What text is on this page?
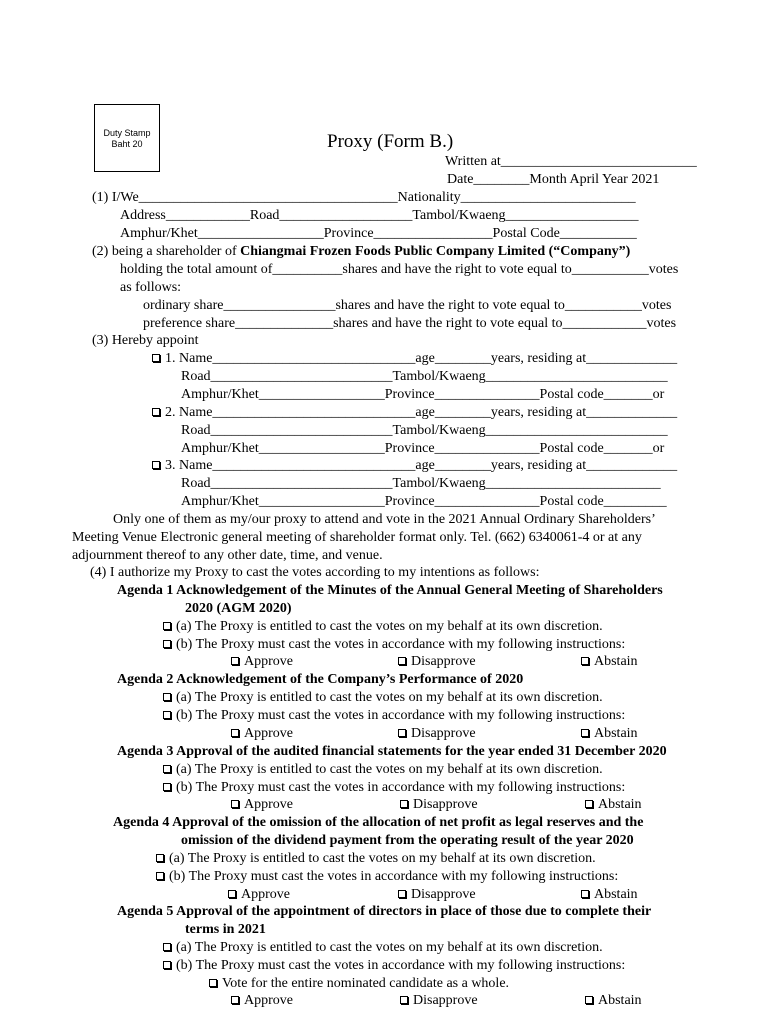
Duty Stamp
Baht 20	Proxy (Form B.)
Written at____________________________
Date________Month April Year 2021
(1) I/We_____________________________________Nationality_________________________
Address____________Road___________________Tambol/Kwaeng___________________
Amphur/Khet__________________Province_________________Postal Code___________
(2) being a shareholder of Chiangmai Frozen Foods Public Company Limited (“Company”)
holding the total amount of__________shares and have the right to vote equal to___________votes
as follows:
ordinary share________________shares and have the right to vote equal to___________votes
preference share______________shares and have the right to vote equal to____________votes
(3) Hereby appoint
1. Name_____________________________age________years, residing at_____________
Road__________________________Tambol/Kwaeng__________________________
Amphur/Khet__________________Province_______________Postal code_______or
2. Name_____________________________age________years, residing at_____________
Road__________________________Tambol/Kwaeng__________________________
Amphur/Khet__________________Province_______________Postal code_______or
3. Name_____________________________age________years, residing at_____________
Road__________________________Tambol/Kwaeng_________________________
Amphur/Khet__________________Province_______________Postal code_________
Only one of them as my/our proxy to attend and vote in the 2021 Annual Ordinary Shareholders’
Meeting Venue Electronic general meeting of shareholder format only. Tel. (662) 6340061-4 or at any
adjournment thereof to any other date, time, and venue.
(4) I authorize my Proxy to cast the votes according to my intentions as follows:
Agenda 1 Acknowledgement of the Minutes of the Annual General Meeting of Shareholders
2020 (AGM 2020)
(a) The Proxy is entitled to cast the votes on my behalf at its own discretion.
(b) The Proxy must cast the votes in accordance with my following instructions:
Approve	Disapprove	Abstain
Agenda 2 Acknowledgement of the Company’s Performance of 2020
(a) The Proxy is entitled to cast the votes on my behalf at its own discretion.
(b) The Proxy must cast the votes in accordance with my following instructions:
Approve	Disapprove	Abstain
Agenda 3 Approval of the audited financial statements for the year ended 31 December 2020
(a) The Proxy is entitled to cast the votes on my behalf at its own discretion.
(b) The Proxy must cast the votes in accordance with my following instructions:
Approve	Disapprove	Abstain
Agenda 4 Approval of the omission of the allocation of net profit as legal reserves and the
omission of the dividend payment from the operating result of the year 2020
(a) The Proxy is entitled to cast the votes on my behalf at its own discretion.
(b) The Proxy must cast the votes in accordance with my following instructions:
Approve	Disapprove	Abstain
Agenda 5 Approval of the appointment of directors in place of those due to complete their
terms in 2021
(a) The Proxy is entitled to cast the votes on my behalf at its own discretion.
(b) The Proxy must cast the votes in accordance with my following instructions:
Vote for the entire nominated candidate as a whole.
Approve	Disapprove	Abstain
